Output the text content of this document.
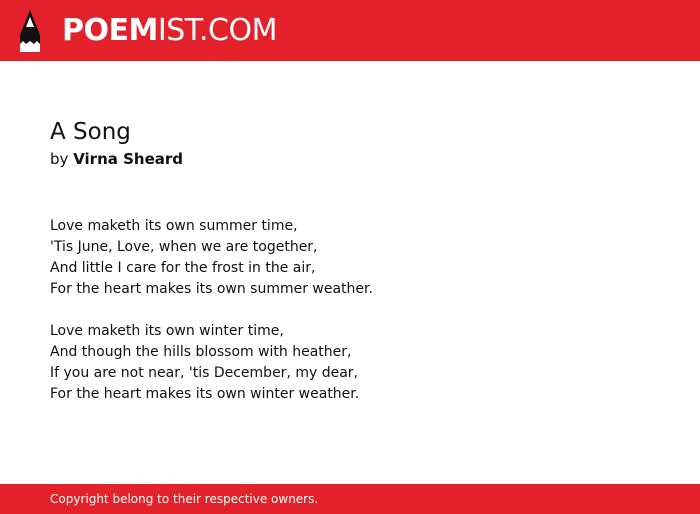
POEMIST.COM
A Song
by Virna Sheard

Love maketh its own summer time,
'Tis June, Love, when we are together,
And little I care for the frost in the air,
For the heart makes its own summer weather.

Love maketh its own winter time,
And though the hills blossom with heather,
If you are not near, 'tis December, my dear,
For the heart makes its own winter weather.

Copyright belong to their respective owners.
